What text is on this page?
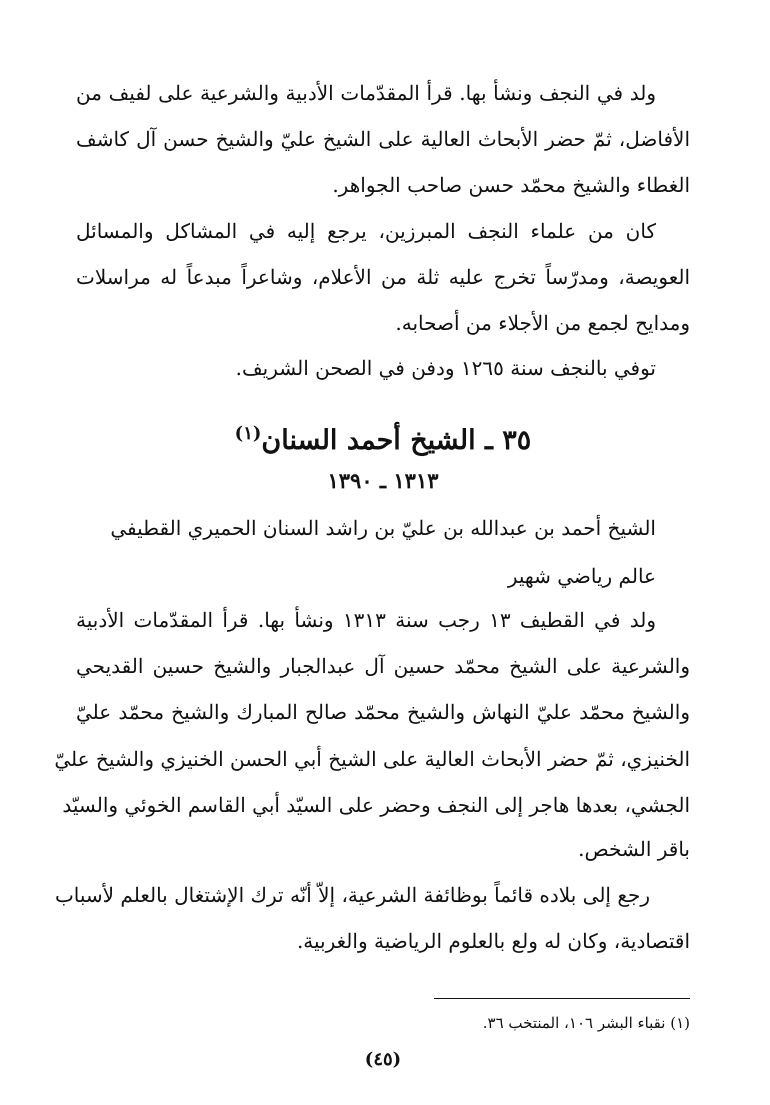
ولد في النجف ونشأ بها. قرأ المقدّمات الأدبية والشرعية على لفيف من
الأفاضل، ثمّ حضر الأبحاث العالية على الشيخ عليّ والشيخ حسن آل كاشف
الغطاء والشيخ محمّد حسن صاحب الجواهر.
كان من علماء النجف المبرزين، يرجع إليه في المشاكل والمسائل
العويصة، ومدرّساً تخرج عليه ثلة من الأعلام، وشاعراً مبدعاً له مراسلات
ومدايح لجمع من الأجلاء من أصحابه.
توفي بالنجف سنة ١٢٦٥ ودفن في الصحن الشريف.
٣٥ ـ الشيخ أحمد السنان$^{(١)}$
١٣١٣ ـ ١٣٩٠
الشيخ أحمد بن عبدالله بن عليّ بن راشد السنان الحميري القطيفي
عالم رياضي شهير
ولد في القطيف ١٣ رجب سنة ١٣١٣ ونشأ بها. قرأ المقدّمات الأدبية
والشرعية على الشيخ محمّد حسين آل عبدالجبار والشيخ حسين القديحي
والشيخ محمّد عليّ النهاش والشيخ محمّد صالح المبارك والشيخ محمّد عليّ
الخنيزي، ثمّ حضر الأبحاث العالية على الشيخ أبي الحسن الخنيزي والشيخ عليّ
الجشي، بعدها هاجر إلى النجف وحضر على السيّد أبي القاسم الخوئي والسيّد
باقر الشخص.
رجع إلى بلاده قائماً بوظائفة الشرعية، إلاّ أنّه ترك الإشتغال بالعلم لأسباب
اقتصادية، وكان له ولع بالعلوم الرياضية والغربية.
(١) نقباء البشر ١٠٦، المنتخب ٣٦.
(٤٥)
